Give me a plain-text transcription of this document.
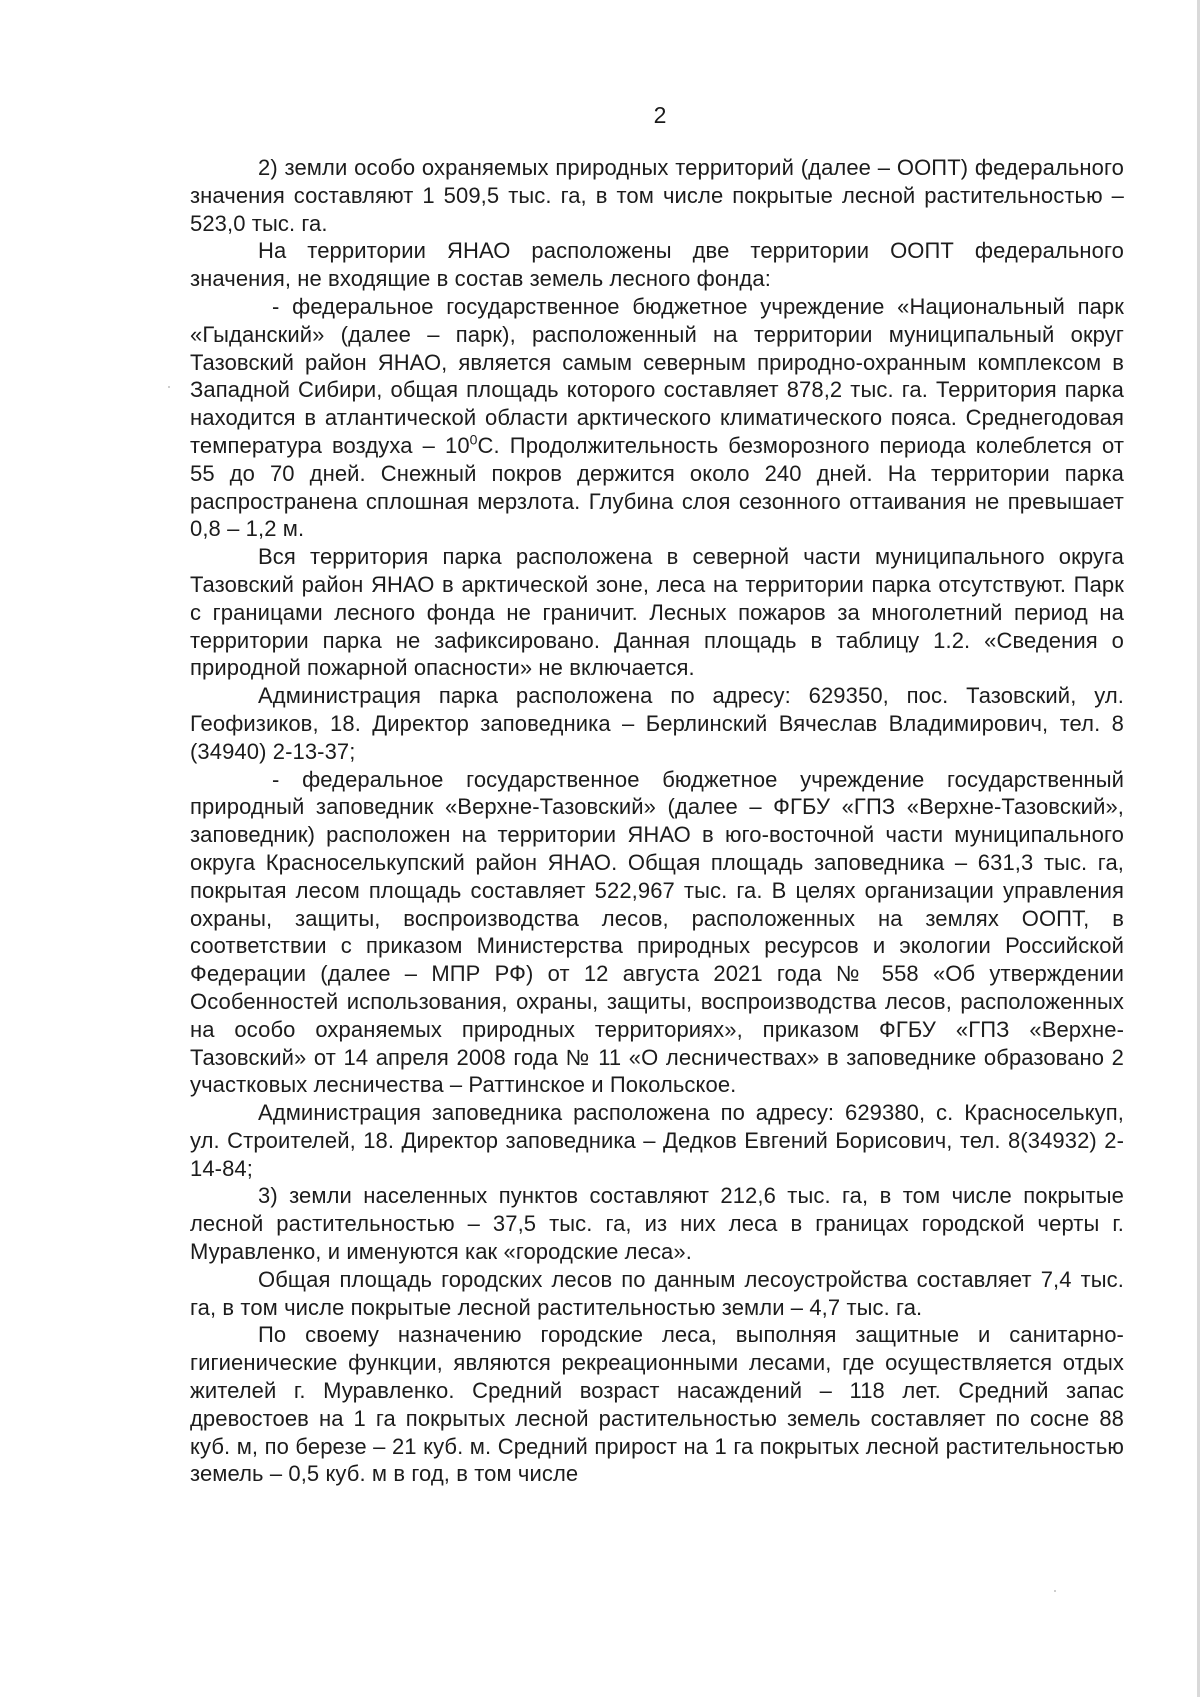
2

2) земли особо охраняемых природных территорий (далее – ООПТ) федерального значения составляют 1 509,5 тыс. га, в том числе покрытые лесной растительностью – 523,0 тыс. га.

На территории ЯНАО расположены две территории ООПТ федерального значения, не входящие в состав земель лесного фонда:

- федеральное государственное бюджетное учреждение «Национальный парк «Гыданский» (далее – парк), расположенный на территории муниципальный округ Тазовский район ЯНАО, является самым северным природно-охранным комплексом в Западной Сибири, общая площадь которого составляет 878,2 тыс. га. Территория парка находится в атлантической области арктического климатического пояса. Среднегодовая температура воздуха – $10^0С$. Продолжительность безморозного периода колеблется от 55 до 70 дней. Снежный покров держится около 240 дней. На территории парка распространена сплошная мерзлота. Глубина слоя сезонного оттаивания не превышает 0,8 – 1,2 м.

Вся территория парка расположена в северной части муниципального округа Тазовский район ЯНАО в арктической зоне, леса на территории парка отсутствуют. Парк с границами лесного фонда не граничит. Лесных пожаров за многолетний период на территории парка не зафиксировано. Данная площадь в таблицу 1.2. «Сведения о природной пожарной опасности» не включается.

Администрация парка расположена по адресу: 629350, пос. Тазовский, ул. Геофизиков, 18. Директор заповедника – Берлинский Вячеслав Владимирович, тел. 8 (34940) 2-13-37;

- федеральное государственное бюджетное учреждение государственный природный заповедник «Верхне-Тазовский» (далее – ФГБУ «ГПЗ «Верхне-Тазовский», заповедник) расположен на территории ЯНАО в юго-восточной части муниципального округа Красноселькупский район ЯНАО. Общая площадь заповедника – 631,3 тыс. га, покрытая лесом площадь составляет 522,967 тыс. га. В целях организации управления охраны, защиты, воспроизводства лесов, расположенных на землях ООПТ, в соответствии с приказом Министерства природных ресурсов и экологии Российской Федерации (далее – МПР РФ) от 12 августа 2021 года № 558 «Об утверждении Особенностей использования, охраны, защиты, воспроизводства лесов, расположенных на особо охраняемых природных территориях», приказом ФГБУ «ГПЗ «Верхне-Тазовский» от 14 апреля 2008 года № 11 «О лесничествах» в заповеднике образовано 2 участковых лесничества – Раттинское и Покольское.

Администрация заповедника расположена по адресу: 629380, с. Красноселькуп, ул. Строителей, 18. Директор заповедника – Дедков Евгений Борисович, тел. 8(34932) 2-14-84;

3) земли населенных пунктов составляют 212,6 тыс. га, в том числе покрытые лесной растительностью – 37,5 тыс. га, из них леса в границах городской черты г. Муравленко, и именуются как «городские леса».

Общая площадь городских лесов по данным лесоустройства составляет 7,4 тыс. га, в том числе покрытые лесной растительностью земли – 4,7 тыс. га.

По своему назначению городские леса, выполняя защитные и санитарно-гигиенические функции, являются рекреационными лесами, где осуществляется отдых жителей г. Муравленко. Средний возраст насаждений – 118 лет. Средний запас древостоев на 1 га покрытых лесной растительностью земель составляет по сосне 88 куб. м, по березе – 21 куб. м. Средний прирост на 1 га покрытых лесной растительностью земель – 0,5 куб. м в год, в том числе
